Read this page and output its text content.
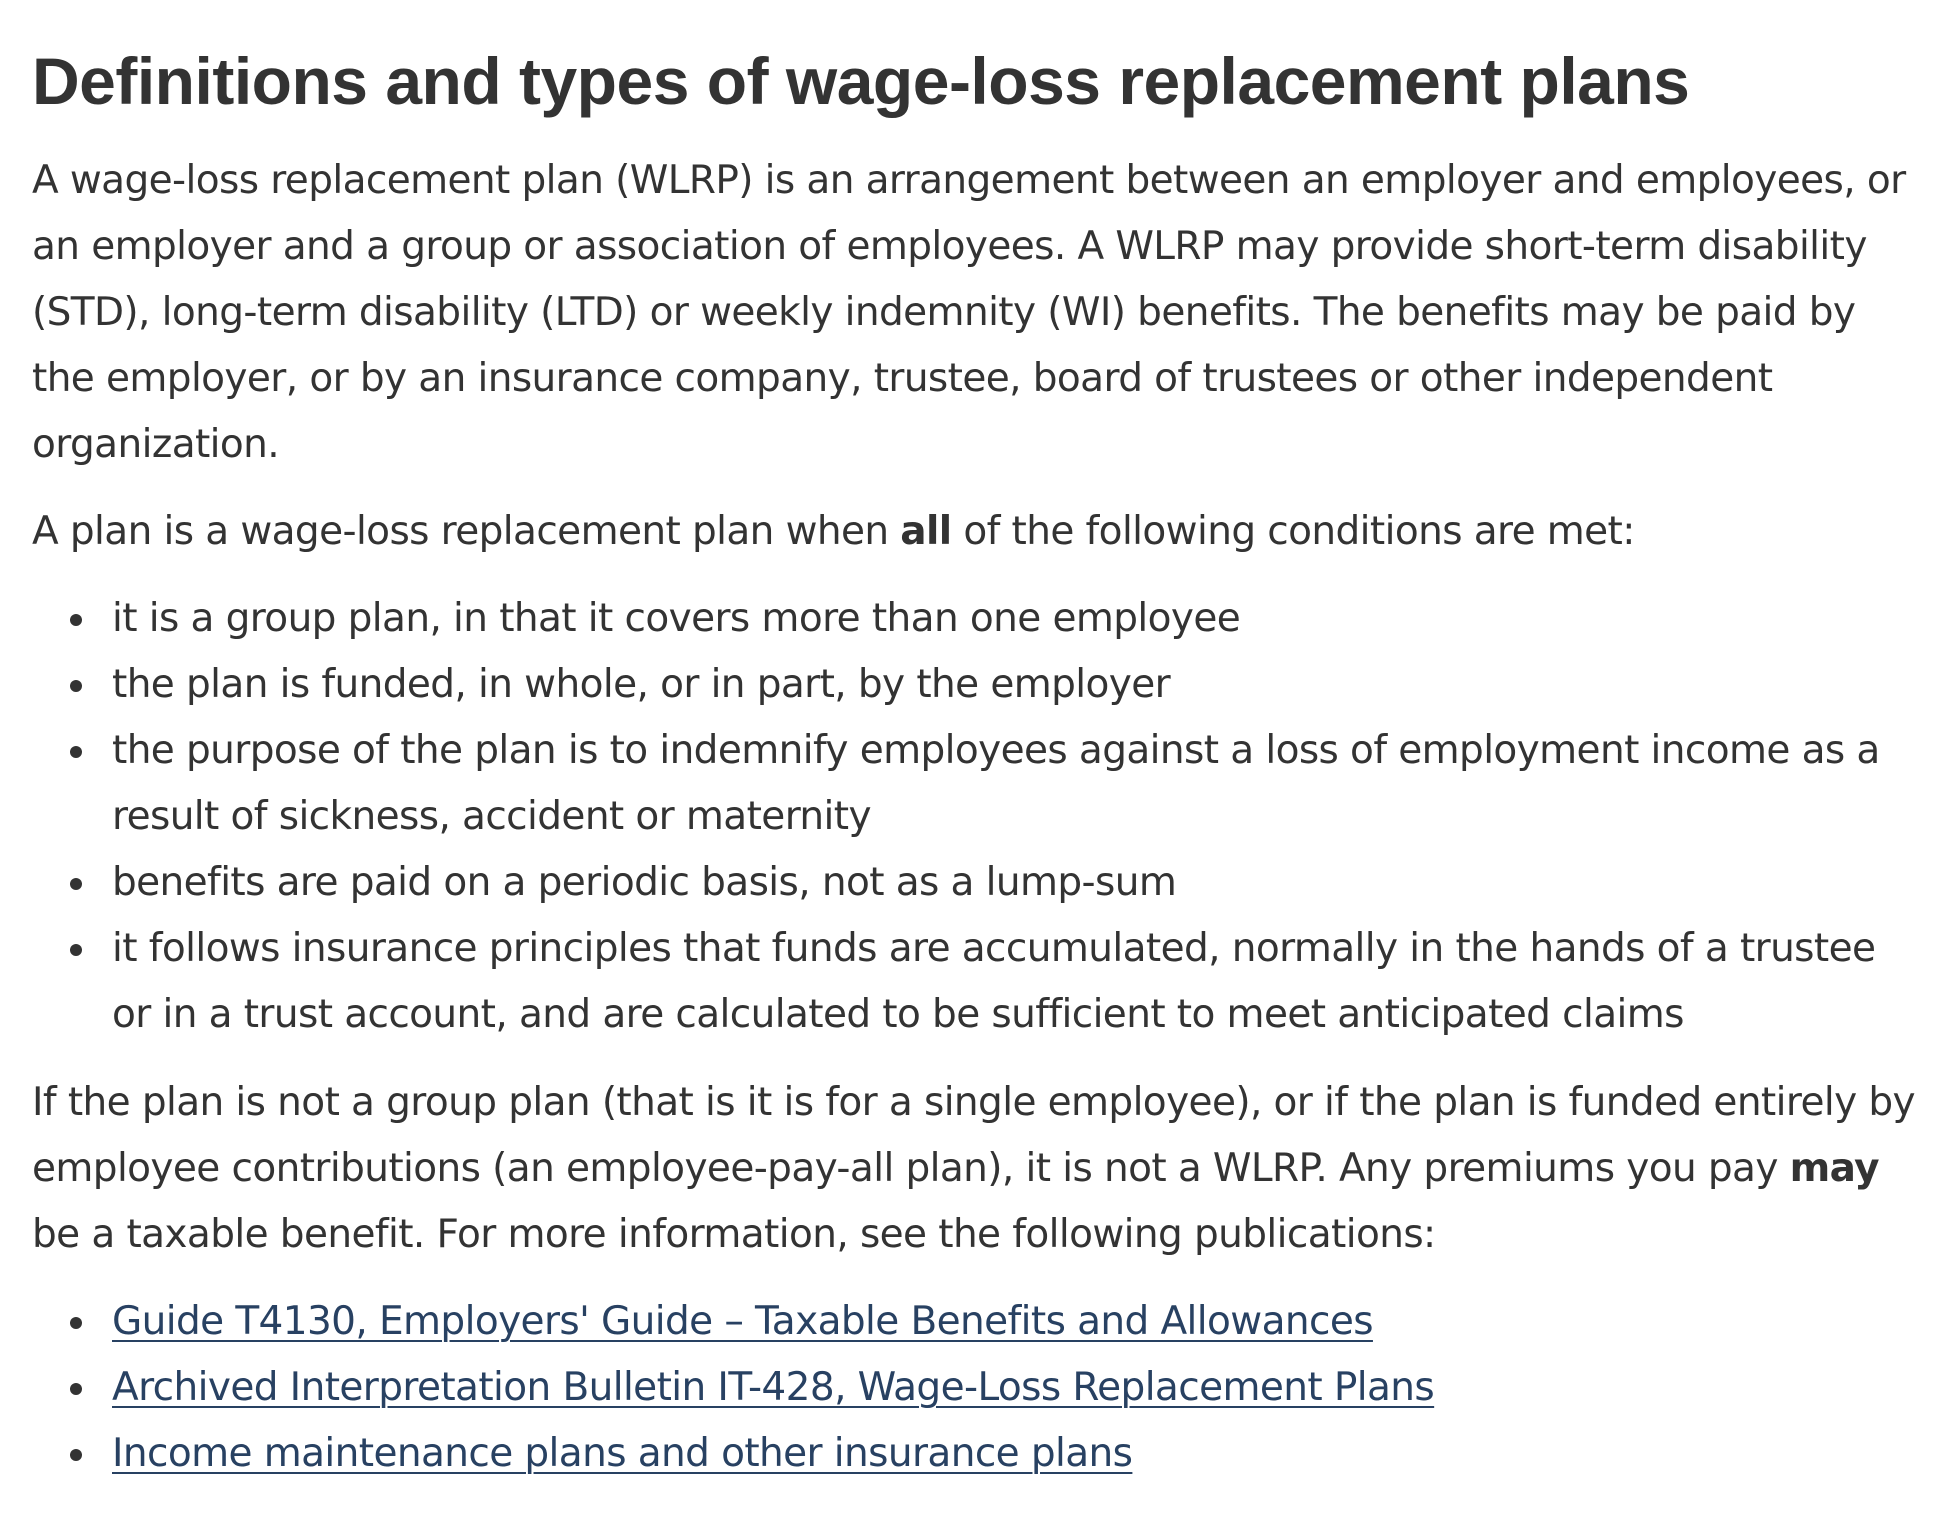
Definitions and types of wage-loss replacement plans

A wage-loss replacement plan (WLRP) is an arrangement between an employer and employees, or an employer and a group or association of employees. A WLRP may provide short-term disability (STD), long-term disability (LTD) or weekly indemnity (WI) benefits. The benefits may be paid by the employer, or by an insurance company, trustee, board of trustees or other independent organization.

A plan is a wage-loss replacement plan when all of the following conditions are met:

it is a group plan, in that it covers more than one employee
the plan is funded, in whole, or in part, by the employer
the purpose of the plan is to indemnify employees against a loss of employment income as a result of sickness, accident or maternity
benefits are paid on a periodic basis, not as a lump-sum
it follows insurance principles that funds are accumulated, normally in the hands of a trustee or in a trust account, and are calculated to be sufficient to meet anticipated claims

If the plan is not a group plan (that is it is for a single employee), or if the plan is funded entirely by employee contributions (an employee-pay-all plan), it is not a WLRP. Any premiums you pay may be a taxable benefit. For more information, see the following publications:

Guide T4130, Employers' Guide – Taxable Benefits and Allowances
Archived Interpretation Bulletin IT-428, Wage-Loss Replacement Plans
Income maintenance plans and other insurance plans
